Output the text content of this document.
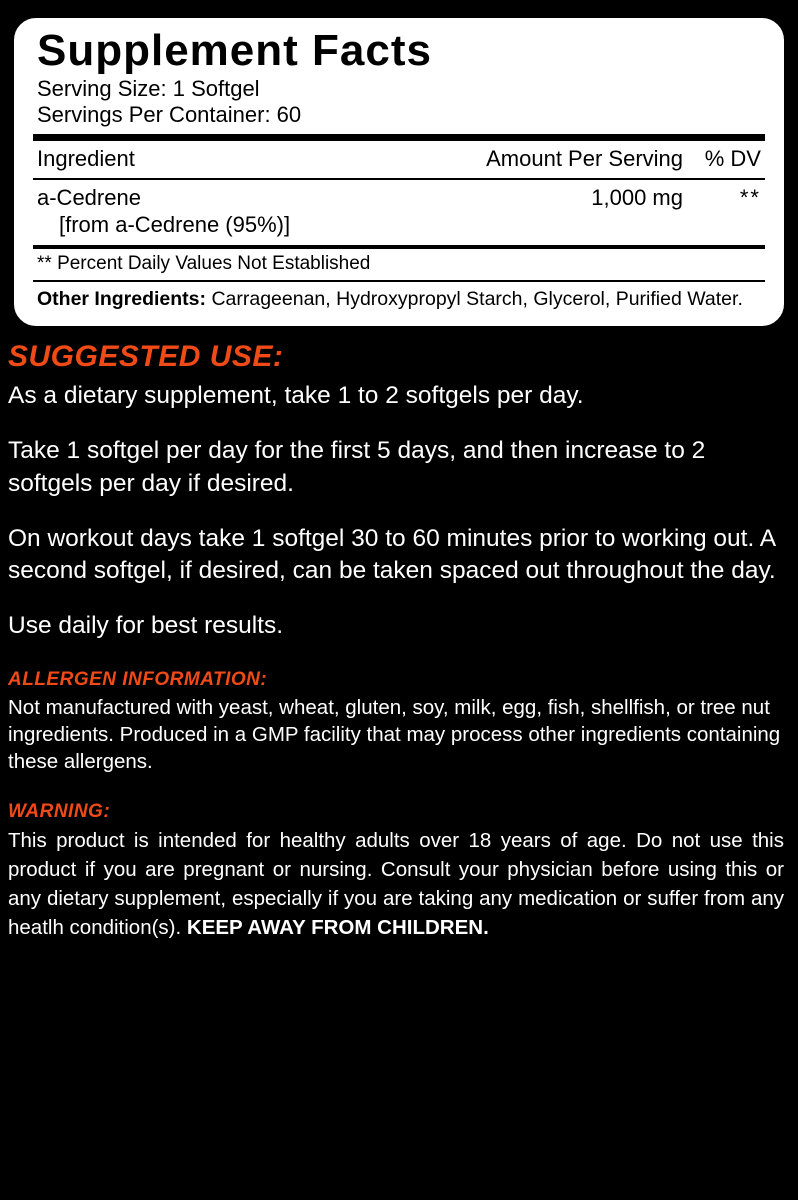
Supplement Facts
Serving Size: 1 Softgel
Servings Per Container: 60
Ingredient	Amount Per Serving % DV
a-Cedrene	1,000 mg	**
[from a-Cedrene (95%)]
** Percent Daily Values Not Established
Other Ingredients: Carrageenan, Hydroxypropyl Starch, Glycerol, Purified Water.
SUGGESTED USE:
As a dietary supplement, take 1 to 2 softgels per day.
Take 1 softgel per day for the first 5 days, and then increase to 2 softgels per day if desired.
On workout days take 1 softgel 30 to 60 minutes prior to working out. A second softgel, if desired, can be taken spaced out throughout the day.
Use daily for best results.
ALLERGEN INFORMATION:
Not manufactured with yeast, wheat, gluten, soy, milk, egg, fish, shellfish, or tree nut ingredients. Produced in a GMP facility that may process other ingredients containing these allergens.
WARNING:
This product is intended for healthy adults over 18 years of age. Do not use this product if you are pregnant or nursing. Consult your physician before using this or any dietary supplement, especially if you are taking any medication or suffer from any heatlh condition(s). KEEP AWAY FROM CHILDREN.
